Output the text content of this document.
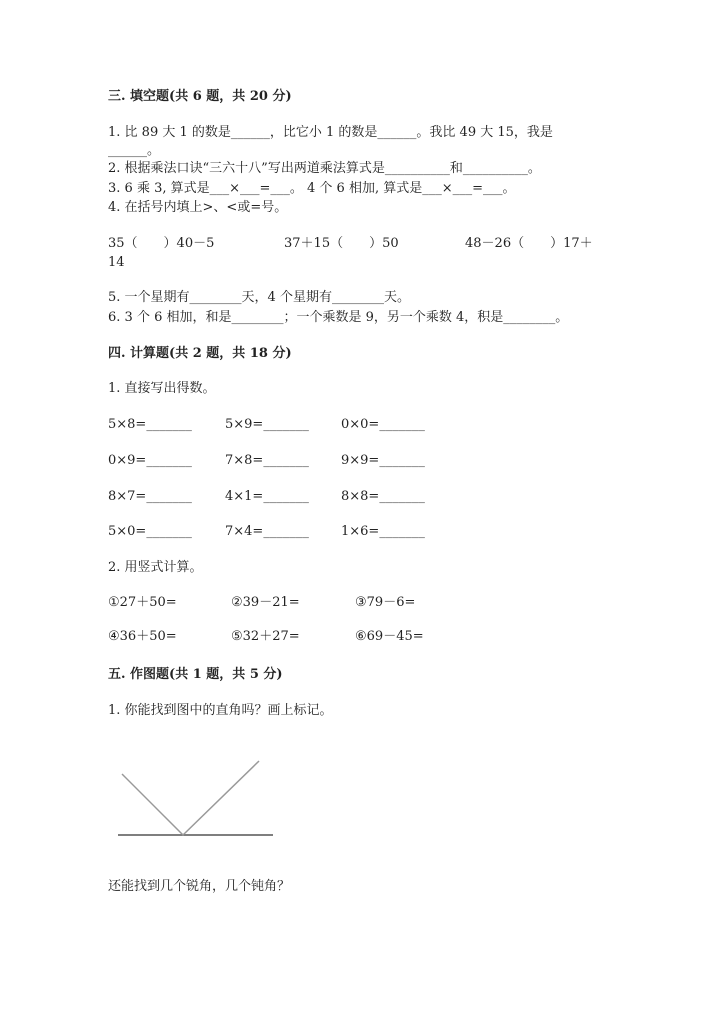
三. 填空题(共 6 题，共 20 分)
1. 比 89 大 1 的数是______，比它小 1 的数是______。我比 49 大 15，我是
______。
2. 根据乘法口诀“三六十八”写出两道乘法算式是__________和__________。
3. 6 乘 3, 算式是___×___=___。 4 个 6 相加, 算式是___×___=___。
4. 在括号内填上>、<或=号。
35（　　）40－5	37＋15（　　）50	48－26（　　）17＋
14
5. 一个星期有________天，4 个星期有________天。
6. 3 个 6 相加，和是________；一个乘数是 9，另一个乘数 4，积是________。
四. 计算题(共 2 题，共 18 分)
1. 直接写出得数。
5×8=_______	5×9=_______ 0×0=_______
0×9=_______	7×8=_______ 9×9=_______
8×7=_______	4×1=_______ 8×8=_______
5×0=_______	7×4=_______ 1×6=_______
2. 用竖式计算。
①27＋50=	②39－21=	③79－6=
④36＋50=	⑤32＋27=	⑥69－45=
五. 作图题(共 1 题，共 5 分)
1. 你能找到图中的直角吗？画上标记。
还能找到几个锐角，几个钝角？
